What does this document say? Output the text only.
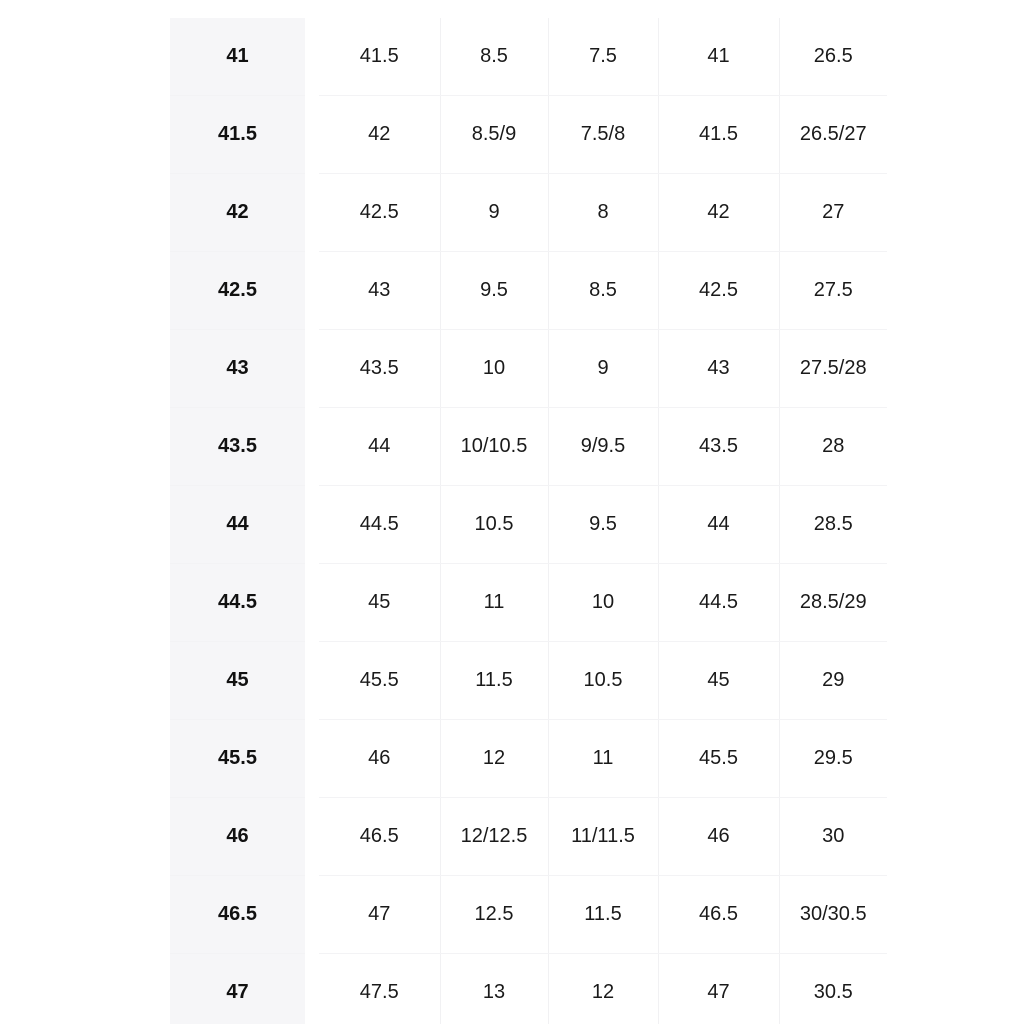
41	41.5	8.5	7.5	41	26.5
41.5	42	8.5/9	7.5/8	41.5	26.5/27
42	42.5	9	8	42	27
42.5	43	9.5	8.5	42.5	27.5
43	43.5	10	9	43	27.5/28
43.5	44	10/10.5	9/9.5	43.5	28
44	44.5	10.5	9.5	44	28.5
44.5	45	11	10	44.5	28.5/29
45	45.5	11.5	10.5	45	29
45.5	46	12	11	45.5	29.5
46	46.5	12/12.5	11/11.5	46	30
46.5	47	12.5	11.5	46.5	30/30.5
47	47.5	13	12	47	30.5
